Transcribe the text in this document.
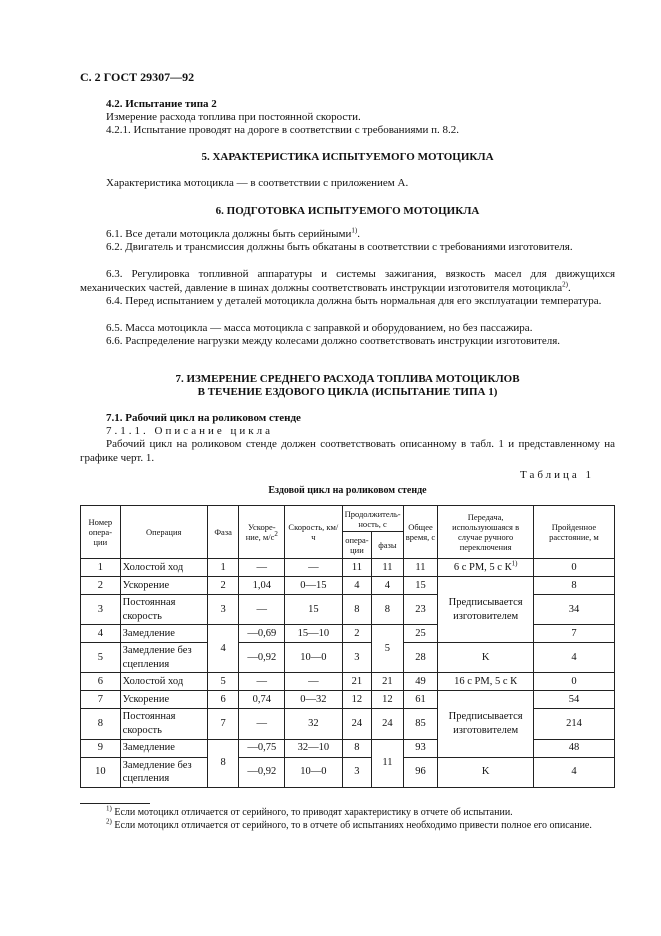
С. 2 ГОСТ 29307—92
4.2. Испытание типа 2
Измерение расхода топлива при постоянной скорости.
4.2.1. Испытание проводят на дороге в соответствии с требованиями п. 8.2.
5. ХАРАКТЕРИСТИКА ИСПЫТУЕМОГО МОТОЦИКЛА
Характеристика мотоцикла — в соответствии с приложением А.
6. ПОДГОТОВКА ИСПЫТУЕМОГО МОТОЦИКЛА
6.1. Все детали мотоцикла должны быть серийными$^{1)}$.
6.2. Двигатель и трансмиссия должны быть обкатаны в соответствии с требованиями изготовителя.
6.3. Регулировка топливной аппаратуры и системы зажигания, вязкость масел для движущихся механических частей, давление в шинах должны соответствовать инструкции изготовителя мотоцикла$^{2)}$.
6.4. Перед испытанием у деталей мотоцикла должна быть нормальная для его эксплуатации температура.
6.5. Масса мотоцикла — масса мотоцикла с заправкой и оборудованием, но без пассажира.
6.6. Распределение нагрузки между колесами должно соответствовать инструкции изготовителя.
7. ИЗМЕРЕНИЕ СРЕДНЕГО РАСХОДА ТОПЛИВА МОТОЦИКЛОВ
В ТЕЧЕНИЕ ЕЗДОВОГО ЦИКЛА (ИСПЫТАНИЕ ТИПА 1)
7.1. Рабочий цикл на роликовом стенде
7.1.1. Описание цикла
Рабочий цикл на роликовом стенде должен соответствовать описанному в табл. 1 и представленному на графике черт. 1.
Таблица 1
Ездовой цикл на роликовом стенде
Номер опера-ции	Операция	Фаза	Ускоре-ние, $м/с^2$	Скорость, км/ч	Продолжитель-ность, с		Общее время, с	Передача, используюшаяся в случае ручного переключения	Пройденное расстояние, м
					опера-ции	фазы			
1	Холостой ход	1	—	—	11	11	11	6 с РМ, 5 с $К^{1)}$	0
2	Ускорение	2	1,04	0—15	4	4	15	Предписывается изготовителем	8
3	Постоянная скорость	3	—	15	8	8	23		34
4	Замедление	4	—0,69	15—10	2	5	25		7
5	Замедление без сцепления		—0,92	10—0	3		28	K	4
6	Холостой ход	5	—	—	21	21	49	16 с РМ, 5 с К	0
7	Ускорение	6	0,74	0—32	12	12	61	Предписывается изготовителем	54
8	Постоянная скорость	7	—	32	24	24	85		214
9	Замедление	8	—0,75	32—10	8	11	93		48
10	Замедление без сцепления		—0,92	10—0	3		96	K	4
$^{1)}$ Если мотоцикл отличается от серийного, то приводят характеристику в отчете об испытании.
$^{2)}$ Если мотоцикл отличается от серийного, то в отчете об испытаниях необходимо привести полное его описание.
